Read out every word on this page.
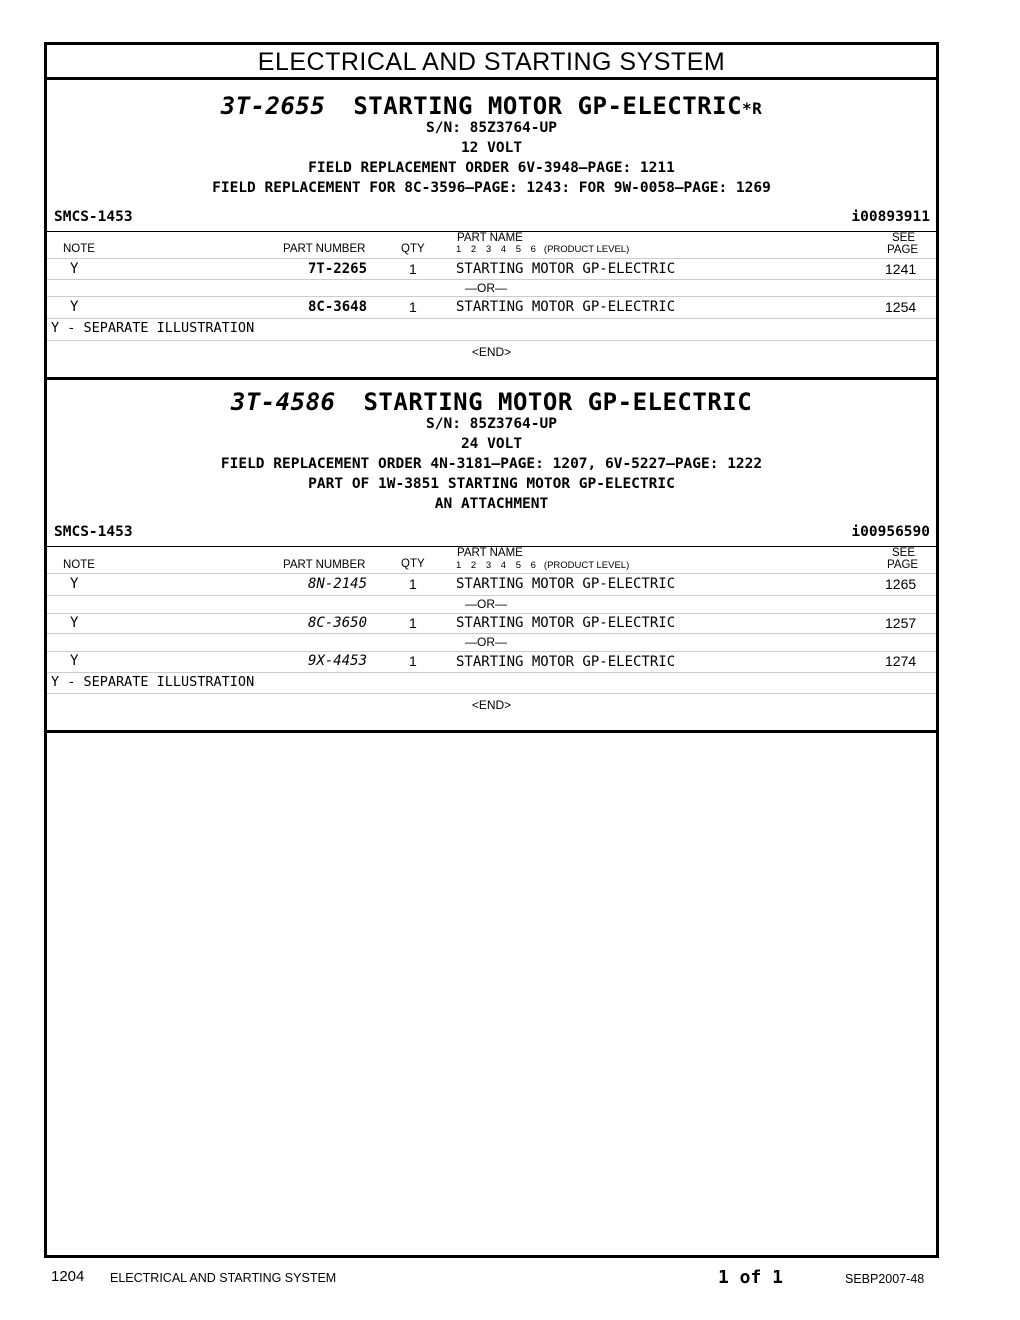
ELECTRICAL AND STARTING SYSTEM
3T-2655 STARTING MOTOR GP-ELECTRIC*R
S/N: 85Z3764-UP
12 VOLT
FIELD REPLACEMENT ORDER 6V-3948—PAGE: 1211
FIELD REPLACEMENT FOR 8C-3596—PAGE: 1243: FOR 9W-0058—PAGE: 1269
SMCS-1453	i00893911
NOTE	PART NUMBER	QTY
PART NAME
1 2 3 4 5 6 (PRODUCT LEVEL)
SEE
PAGE
Y	7T-2265	1	STARTING MOTOR GP-ELECTRIC	1241
—OR—
Y	8C-3648	1	STARTING MOTOR GP-ELECTRIC	1254
Y - SEPARATE ILLUSTRATION
<END>
3T-4586 STARTING MOTOR GP-ELECTRIC
S/N: 85Z3764-UP
24 VOLT
FIELD REPLACEMENT ORDER 4N-3181—PAGE: 1207, 6V-5227—PAGE: 1222
PART OF 1W-3851 STARTING MOTOR GP-ELECTRIC
AN ATTACHMENT
SMCS-1453	i00956590
NOTE	PART NUMBER	QTY
PART NAME
1 2 3 4 5 6 (PRODUCT LEVEL)
SEE
PAGE
Y	8N-2145	1	STARTING MOTOR GP-ELECTRIC	1265
—OR—
Y	8C-3650	1	STARTING MOTOR GP-ELECTRIC	1257
—OR—
Y	9X-4453	1	STARTING MOTOR GP-ELECTRIC	1274
Y - SEPARATE ILLUSTRATION
<END>
1204 ELECTRICAL AND STARTING SYSTEM	1 of 1	SEBP2007-48
